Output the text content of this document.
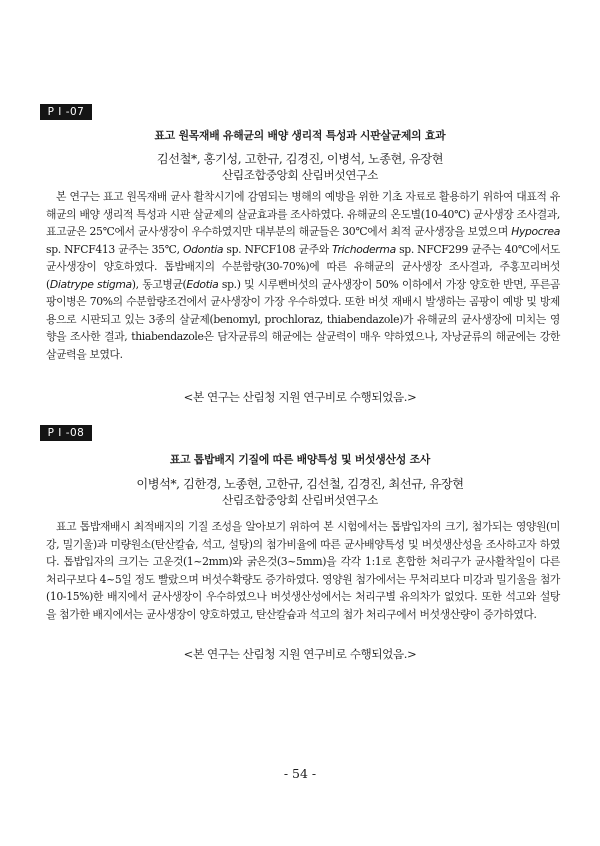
P I -07
표고 원목재배 유해균의 배양 생리적 특성과 시판살균제의 효과
김선철*, 홍기성, 고한규, 김경진, 이병석, 노종현, 유장현
산림조합중앙회 산림버섯연구소

본 연구는 표고 원목재배 균사 활착시기에 감염되는 병해의 예방을 위한 기초 자료로 활용하기 위하여 대표적 유해균의 배양 생리적 특성과 시판 살균제의 살균효과를 조사하였다. 유해균의 온도별(10-40℃) 균사생장 조사결과, 표고균은 25℃에서 균사생장이 우수하였지만 대부분의 해균들은 30℃에서 최적 균사생장을 보였으며 Hypocrea sp. NFCF413 균주는 35℃, Odontia sp. NFCF108 균주와 Trichoderma sp. NFCF299 균주는 40℃에서도 균사생장이 양호하였다. 톱밥배지의 수분함량(30-70%)에 따른 유해균의 균사생장 조사결과, 주홍꼬리버섯(Diatrype stigma), 동고병균(Edotia sp.) 및 시루뻔버섯의 균사생장이 50% 이하에서 가장 양호한 반면, 푸른곰팡이병은 70%의 수분함량조건에서 균사생장이 가장 우수하였다. 또한 버섯 재배시 발생하는 곰팡이 예방 및 방제용으로 시판되고 있는 3종의 살균제(benomyl, prochloraz, thiabendazole)가 유해균의 균사생장에 미치는 영향을 조사한 결과, thiabendazole은 담자균류의 해균에는 살균력이 매우 약하였으나, 자낭균류의 해균에는 강한 살균력을 보였다.

<본 연구는 산림청 지원 연구비로 수행되었음.>
P I -08
표고 톱밥배지 기질에 따른 배양특성 및 버섯생산성 조사
이병석*, 김한경, 노종현, 고한규, 김선철, 김경진, 최선규, 유장현
산림조합중앙회 산림버섯연구소

표고 톱밥재배시 최적배지의 기질 조성을 알아보기 위하여 본 시험에서는 톱밥입자의 크기, 첨가되는 영양원(미강, 밀기울)과 미량원소(탄산칼슘, 석고, 설탕)의 첨가비율에 따른 균사배양특성 및 버섯생산성을 조사하고자 하였다. 톱밥입자의 크기는 고운것(1~2mm)와 굵은것(3~5mm)을 각각 1:1로 혼합한 처리구가 균사활착일이 다른 처리구보다 4~5일 정도 빨랐으며 버섯수확량도 증가하였다. 영양원 첨가에서는 무처리보다 미강과 밀기울을 첨가(10-15%)한 배지에서 균사생장이 우수하였으나 버섯생산성에서는 처리구별 유의차가 없었다. 또한 석고와 설탕을 첨가한 배지에서는 균사생장이 양호하였고, 탄산칼슘과 석고의 첨가 처리구에서 버섯생산량이 증가하였다.

<본 연구는 산림청 지원 연구비로 수행되었음.>
- 54 -
